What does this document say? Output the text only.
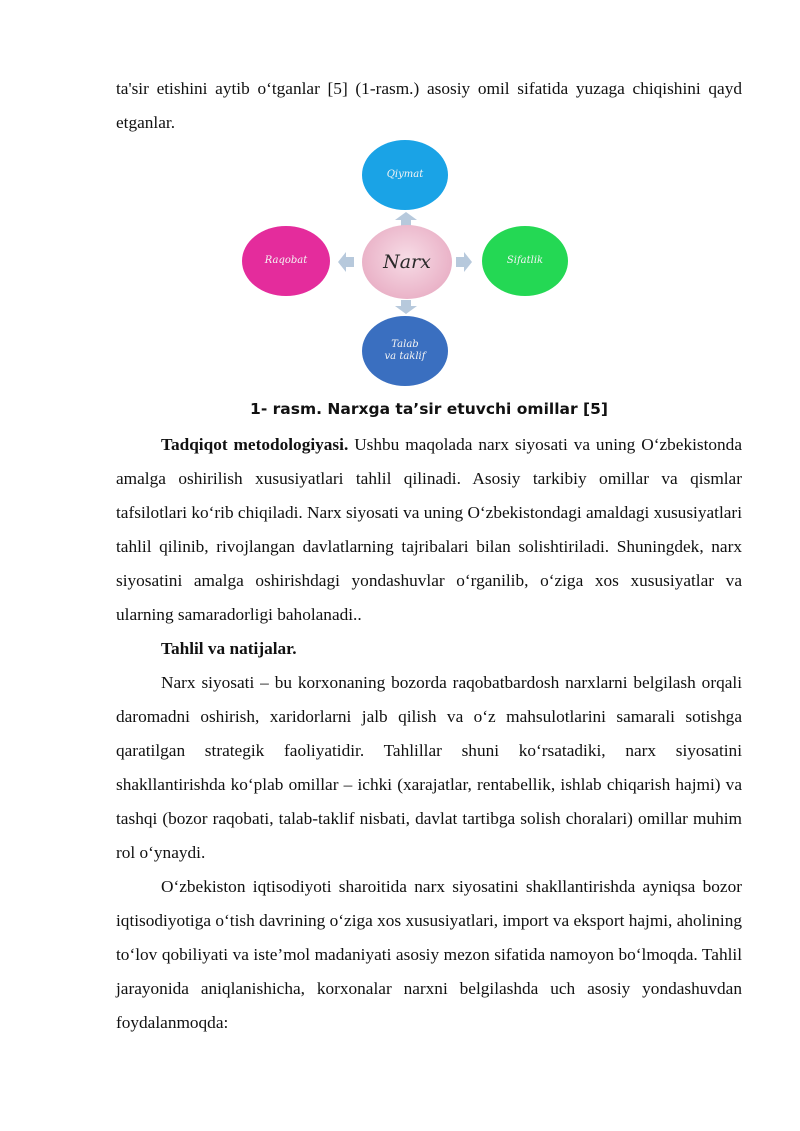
ta'sir etishini aytib o‘tganlar [5] (1-rasm.) asosiy omil sifatida yuzaga chiqishini qayd etganlar.

Qiymat
Raqobat	Narx	Sifatlik
Talab
va taklif
1- rasm. Narxga ta’sir etuvchi omillar [5]

Tadqiqot metodologiyasi. Ushbu maqolada narx siyosati va uning O‘zbekistonda amalga oshirilish xususiyatlari tahlil qilinadi. Asosiy tarkibiy omillar va qismlar tafsilotlari ko‘rib chiqiladi. Narx siyosati va uning O‘zbekistondagi amaldagi xususiyatlari tahlil qilinib, rivojlangan davlatlarning tajribalari bilan solishtiriladi. Shuningdek, narx siyosatini amalga oshirishdagi yondashuvlar o‘rganilib, o‘ziga xos xususiyatlar va ularning samaradorligi baholanadi..

Tahlil va natijalar.

Narx siyosati – bu korxonaning bozorda raqobatbardosh narxlarni belgilash orqali daromadni oshirish, xaridorlarni jalb qilish va o‘z mahsulotlarini samarali sotishga qaratilgan strategik faoliyatidir. Tahlillar shuni ko‘rsatadiki, narx siyosatini shakllantirishda ko‘plab omillar – ichki (xarajatlar, rentabellik, ishlab chiqarish hajmi) va tashqi (bozor raqobati, talab-taklif nisbati, davlat tartibga solish choralari) omillar muhim rol o‘ynaydi.

O‘zbekiston iqtisodiyoti sharoitida narx siyosatini shakllantirishda ayniqsa bozor iqtisodiyotiga o‘tish davrining o‘ziga xos xususiyatlari, import va eksport hajmi, aholining to‘lov qobiliyati va iste’mol madaniyati asosiy mezon sifatida namoyon bo‘lmoqda. Tahlil jarayonida aniqlanishicha, korxonalar narxni belgilashda uch asosiy yondashuvdan foydalanmoqda:
